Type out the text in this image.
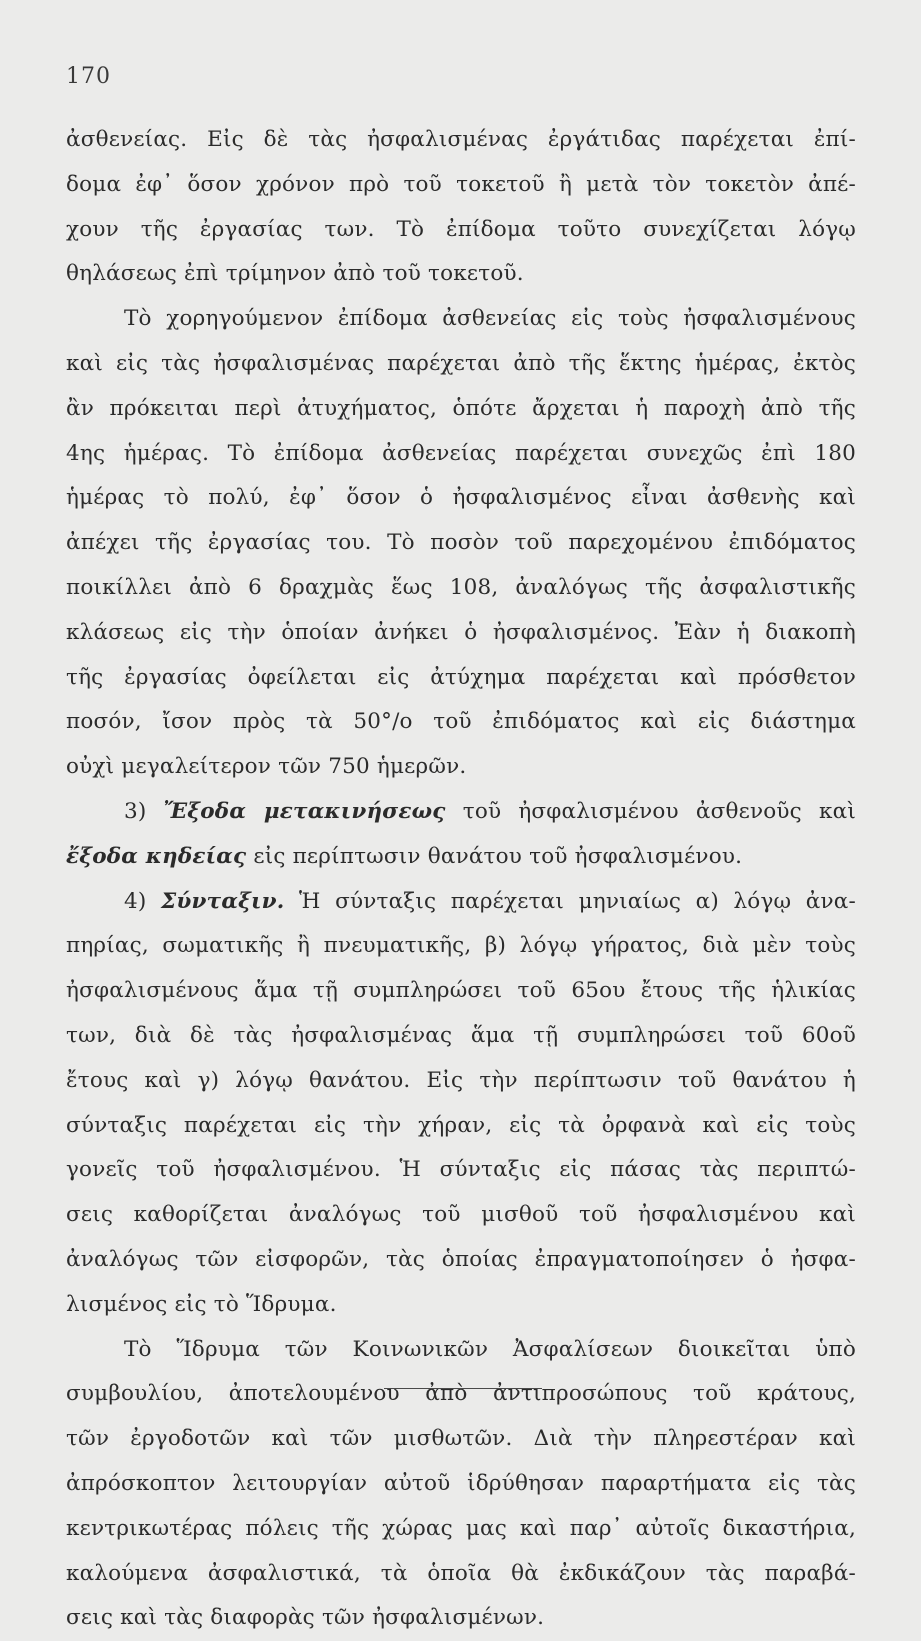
170
ἀσθενείας. Εἰς δὲ τὰς ἠσφαλισμένας ἐργάτιδας παρέχεται ἐπί-
δομα ἐφ᾽ ὅσον χρόνον πρὸ τοῦ τοκετοῦ ἢ μετὰ τὸν τοκετὸν ἀπέ-
χουν τῆς ἐργασίας των. Τὸ ἐπίδομα τοῦτο συνεχίζεται λόγῳ
θηλάσεως ἐπὶ τρίμηνον ἀπὸ τοῦ τοκετοῦ.
Τὸ χορηγούμενον ἐπίδομα ἀσθενείας εἰς τοὺς ἠσφαλισμένους
καὶ εἰς τὰς ἠσφαλισμένας παρέχεται ἀπὸ τῆς ἕκτης ἡμέρας, ἐκτὸς
ἂν πρόκειται περὶ ἀτυχήματος, ὁπότε ἄρχεται ἡ παροχὴ ἀπὸ τῆς
4ης ἡμέρας. Τὸ ἐπίδομα ἀσθενείας παρέχεται συνεχῶς ἐπὶ 180
ἡμέρας τὸ πολύ, ἐφ᾽ ὅσον ὁ ἠσφαλισμένος εἶναι ἀσθενὴς καὶ
ἀπέχει τῆς ἐργασίας του. Τὸ ποσὸν τοῦ παρεχομένου ἐπιδόματος
ποικίλλει ἀπὸ 6 δραχμὰς ἕως 108, ἀναλόγως τῆς ἀσφαλιστικῆς
κλάσεως εἰς τὴν ὁποίαν ἀνήκει ὁ ἠσφαλισμένος. Ἐὰν ἡ διακοπὴ
τῆς ἐργασίας ὀφείλεται εἰς ἀτύχημα παρέχεται καὶ πρόσθετον
ποσόν, ἴσον πρὸς τὰ 50°/ο τοῦ ἐπιδόματος καὶ εἰς διάστημα
οὐχὶ μεγαλείτερον τῶν 750 ἡμερῶν.
3) Ἔξοδα μετακινήσεως τοῦ ἠσφαλισμένου ἀσθενοῦς καὶ
ἔξοδα κηδείας εἰς περίπτωσιν θανάτου τοῦ ἠσφαλισμένου.
4) Σύνταξιν. Ἡ σύνταξις παρέχεται μηνιαίως α) λόγῳ ἀνα-
πηρίας, σωματικῆς ἢ πνευματικῆς, β) λόγῳ γήρατος, διὰ μὲν τοὺς
ἠσφαλισμένους ἅμα τῇ συμπληρώσει τοῦ 65ου ἔτους τῆς ἡλικίας
των, διὰ δὲ τὰς ἠσφαλισμένας ἅμα τῇ συμπληρώσει τοῦ 60οῦ
ἔτους καὶ γ) λόγῳ θανάτου. Εἰς τὴν περίπτωσιν τοῦ θανάτου ἡ
σύνταξις παρέχεται εἰς τὴν χήραν, εἰς τὰ ὀρφανὰ καὶ εἰς τοὺς
γονεῖς τοῦ ἠσφαλισμένου. Ἡ σύνταξις εἰς πάσας τὰς περιπτώ-
σεις καθορίζεται ἀναλόγως τοῦ μισθοῦ τοῦ ἠσφαλισμένου καὶ
ἀναλόγως τῶν εἰσφορῶν, τὰς ὁποίας ἐπραγματοποίησεν ὁ ἠσφα-
λισμένος εἰς τὸ Ἵδρυμα.
Τὸ Ἵδρυμα τῶν Κοινωνικῶν Ἀσφαλίσεων διοικεῖται ὑπὸ
συμβουλίου, ἀποτελουμένου ἀπὸ ἀντιπροσώπους τοῦ κράτους,
τῶν ἐργοδοτῶν καὶ τῶν μισθωτῶν. Διὰ τὴν πληρεστέραν καὶ
ἀπρόσκοπτον λειτουργίαν αὐτοῦ ἱδρύθησαν παραρτήματα εἰς τὰς
κεντρικωτέρας πόλεις τῆς χώρας μας καὶ παρ᾽ αὐτοῖς δικαστήρια,
καλούμενα ἀσφαλιστικά, τὰ ὁποῖα θὰ ἐκδικάζουν τὰς παραβά-
σεις καὶ τὰς διαφορὰς τῶν ἠσφαλισμένων.
